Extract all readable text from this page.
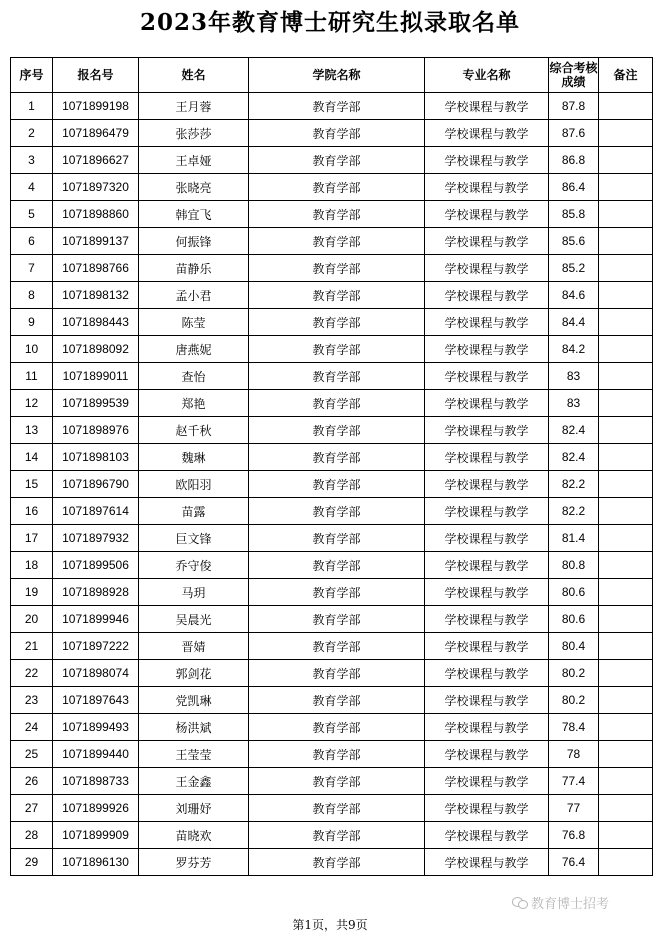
2023年教育博士研究生拟录取名单
序号	报名号	姓名	学院名称	专业名称	综合考核成绩	备注
1	1071899198	王月蓉	教育学部	学校课程与教学	87.8	
2	1071896479	张莎莎	教育学部	学校课程与教学	87.6	
3	1071896627	王卓娅	教育学部	学校课程与教学	86.8	
4	1071897320	张晓亮	教育学部	学校课程与教学	86.4	
5	1071898860	韩宜飞	教育学部	学校课程与教学	85.8	
6	1071899137	何振锋	教育学部	学校课程与教学	85.6	
7	1071898766	苗静乐	教育学部	学校课程与教学	85.2	
8	1071898132	孟小君	教育学部	学校课程与教学	84.6	
9	1071898443	陈莹	教育学部	学校课程与教学	84.4	
10	1071898092	唐燕妮	教育学部	学校课程与教学	84.2	
11	1071899011	查怡	教育学部	学校课程与教学	83	
12	1071899539	郑艳	教育学部	学校课程与教学	83	
13	1071898976	赵千秋	教育学部	学校课程与教学	82.4	
14	1071898103	魏琳	教育学部	学校课程与教学	82.4	
15	1071896790	欧阳羽	教育学部	学校课程与教学	82.2	
16	1071897614	苗露	教育学部	学校课程与教学	82.2	
17	1071897932	巨文锋	教育学部	学校课程与教学	81.4	
18	1071899506	乔守俊	教育学部	学校课程与教学	80.8	
19	1071898928	马玥	教育学部	学校课程与教学	80.6	
20	1071899946	吴晨光	教育学部	学校课程与教学	80.6	
21	1071897222	晋婧	教育学部	学校课程与教学	80.4	
22	1071898074	郭剑花	教育学部	学校课程与教学	80.2	
23	1071897643	党凯琳	教育学部	学校课程与教学	80.2	
24	1071899493	杨洪斌	教育学部	学校课程与教学	78.4	
25	1071899440	王莹莹	教育学部	学校课程与教学	78	
26	1071898733	王金鑫	教育学部	学校课程与教学	77.4	
27	1071899926	刘珊妤	教育学部	学校课程与教学	77	
28	1071899909	苗晓欢	教育学部	学校课程与教学	76.8	
29	1071896130	罗芬芳	教育学部	学校课程与教学	76.4	
第1页，共9页
教育博士招考
